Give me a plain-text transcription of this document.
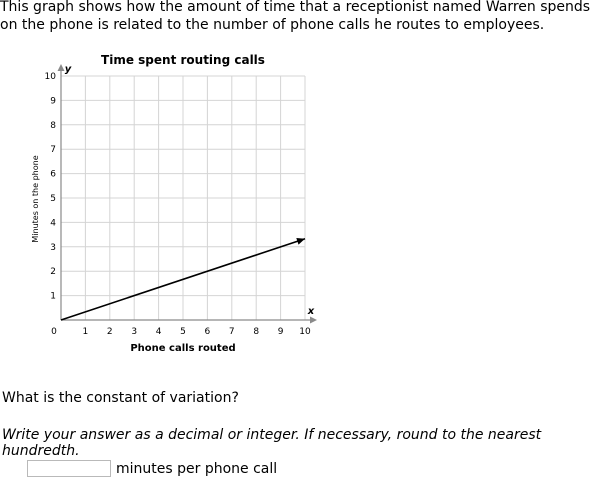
This graph shows how the amount of time that a receptionist named Warren spends on the phone is related to the number of phone calls he routes to employees.

1 2 3 4 5 6 7 8 9 10
1
2
3
4
5
6
7
8
9
10
Time spent routing calls
Phone calls routed
Minutes on the phone
x
y
0

What is the constant of variation?

Write your answer as a decimal or integer. If necessary, round to the nearest hundredth.

minutes per phone call
